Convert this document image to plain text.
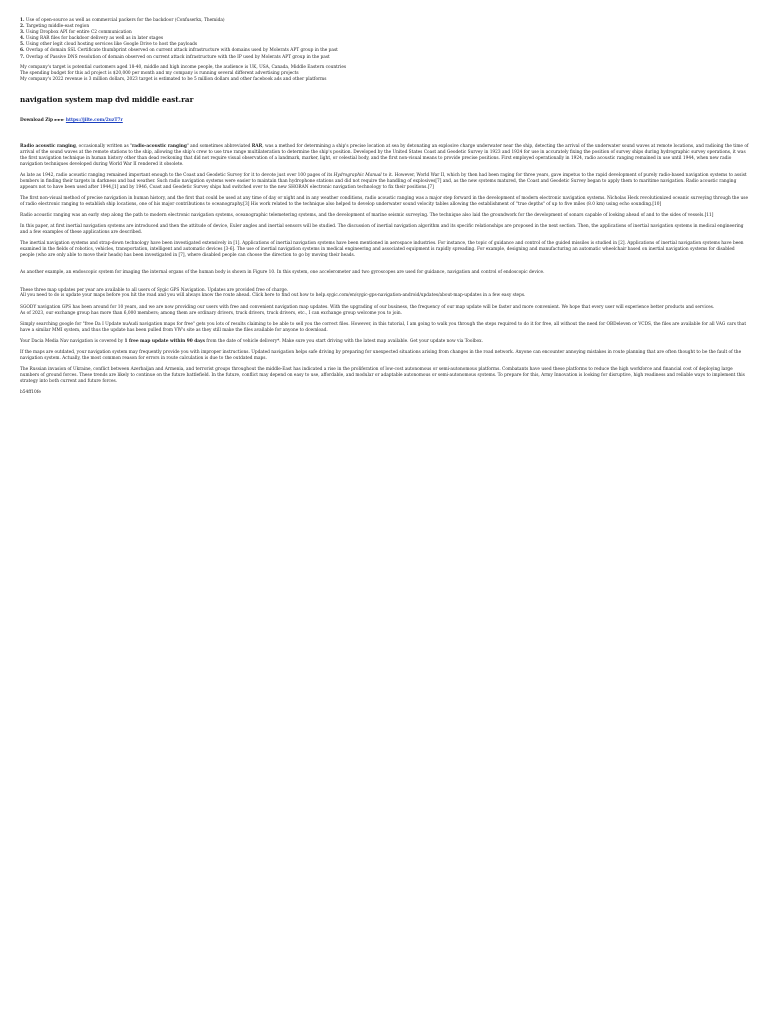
1. Use of open-source as well as commercial packers for the backdoor (Confuserkx, Themida)
2. Targeting middle-east region
3. Using Dropbox API for entire C2 communication
4. Using RAR files for backdoor delivery as well as in later stages
5. Using other legit cloud hosting services like Google Drive to host the payloads
6. Overlap of domain SSL Certificate thumbprint observed on current attack infrastructure with domains used by Molerats APT group in the past
7. Overlap of Passive DNS resolution of domain observed on current attack infrastructure with the IP used by Molerats APT group in the past
My company's target is potential customers aged 18-40, middle and high income people, the audience is UK, USA, Canada, Middle Eastern countries
The spending budget for this ad project is $20,000 per month and my company is running several different advertising projects
My company's 2022 revenue is 3 million dollars, 2023 target is estimated to be 5 million dollars and other facebook ads and other platforms
navigation system map dvd middle east.rar
Download Zip ►►► https://jilte.com/2uzT7r

Radio acoustic ranging, occasionally written as "radio-acoustic ranging" and sometimes abbreviated RAR, was a method for determining a ship's precise location at sea by detonating an explosive charge underwater near the ship, detecting the arrival of the underwater sound waves at remote locations, and radioing the time of arrival of the sound waves at the remote stations to the ship, allowing the ship's crew to use true range multilateration to determine the ship's position. Developed by the United States Coast and Geodetic Survey in 1923 and 1924 for use in accurately fixing the position of survey ships during hydrographic survey operations, it was the first navigation technique in human history other than dead reckoning that did not require visual observation of a landmark, marker, light, or celestial body, and the first non-visual means to provide precise positions. First employed operationally in 1924, radio acoustic ranging remained in use until 1944, when new radio navigation techniques developed during World War II rendered it obsolete.

As late as 1942, radio acoustic ranging remained important enough to the Coast and Geodetic Survey for it to devote just over 100 pages of its Hydrographic Manual to it. However, World War II, which by then had been raging for three years, gave impetus to the rapid development of purely radio-based navigation systems to assist bombers in finding their targets in darkness and bad weather. Such radio navigation systems were easier to maintain than hydrophone stations and did not require the handling of explosives[7] and, as the new systems matured, the Coast and Geodetic Survey began to apply them to maritime navigation. Radio acoustic ranging appears not to have been used after 1944,[1] and by 1946, Coast and Geodetic Survey ships had switched over to the new SHORAN electronic navigation technology to fix their positions.[7]

The first non-visual method of precise navigation in human history, and the first that could be used at any time of day or night and in any weather conditions, radio acoustic ranging was a major step forward in the development of modern electronic navigation systems. Nicholas Heck revolutionized oceanic surveying through the use of radio electronic ranging to establish ship locations, one of his major contributions to oceanography.[3] His work related to the technique also helped to develop underwater sound velocity tables allowing the establishment of "true depths" of up to five miles (8.0 km) using echo sounding.[10]

Radio acoustic ranging was an early step along the path to modern electronic navigation systems, oceanographic telemetering systems, and the development of marine seismic surveying. The technique also laid the groundwork for the development of sonars capable of looking ahead of and to the sides of vessels.[11]

In this paper, at first inertial navigation systems are introduced and then the attitude of device, Euler angles and inertial sensors will be studied. The discussion of inertial navigation algorithm and its specific relationships are proposed in the next section. Then, the applications of inertial navigation systems in medical engineering and a few examples of these applications are described.

The inertial navigation systems and strap-down technology have been investigated extensively in [1]. Applications of inertial navigation systems have been mentioned in aerospace industries. For instance, the topic of guidance and control of the guided missiles is studied in [2]. Applications of inertial navigation systems have been examined in the fields of robotics, vehicles, transportation, intelligent and automatic devices [3-6]. The use of inertial navigation systems in medical engineering and associated equipment is rapidly spreading. For example, designing and manufacturing an automatic wheelchair based on inertial navigation systems for disabled people (who are only able to move their heads) has been investigated in [7], where disabled people can choose the direction to go by moving their heads.

As another example, an endoscopic system for imaging the internal organs of the human body is shown in Figure 10. In this system, one accelerometer and two gyroscopes are used for guidance, navigation and control of endoscopic device.

These three map updates per year are available to all users of Sygic GPS Navigation. Updates are provided free of charge.

All you need to do is update your maps before you hit the road and you will always know the route ahead. Click here to find out how to help.sygic.com/en/sygic-gps-navigation-android/updates/about-map-updates in a few easy steps.

SGODY navigation GPS has been around for 10 years, and we are now providing our users with free and convenient navigation map updates. With the upgrading of our business, the frequency of our map update will be faster and more convenient. We hope that every user will experience better products and services.

As of 2023, our exchange group has more than 6,000 members; among them are ordinary drivers, truck drivers, truck drivers, etc., I can exchange group welcome you to join.

Simply searching google for "free Da I Update nuAudi navigation maps for free" gets you lots of results claiming to be able to sell you the correct files. However, in this tutorial, I am going to walk you through the steps required to do it for free, all without the need for OBDeleven or VCDS, the files are available for all VAG cars that have a similar MMI system, and thus the update has been pulled from VW's site as they still make the files available for anyone to download.

Your Dacia Media Nav navigation is covered by 1 free map update within 90 days from the date of vehicle delivery*. Make sure you start driving with the latest map available. Get your update now via Toolbox.

If the maps are outdated, your navigation system may frequently provide you with improper instructions. Updated navigation helps safe driving by preparing for unexpected situations arising from changes in the road network. Anyone can encounter annoying mistakes in route planning that are often thought to be the fault of the navigation system. Actually, the most common reason for errors in route calculation is due to the outdated maps.

The Russian invasion of Ukraine, conflict between Azerbaijan and Armenia, and terrorist groups throughout the middle-East has indicated a rise in the proliferation of low-cost autonomous or semi-autonomous platforms. Combatants have used these platforms to reduce the high workforce and financial cost of deploying large numbers of ground forces. These trends are likely to continue on the future battlefield. In the future, conflict may depend on easy to use, affordable, and modular or adaptable autonomous or semi-autonomous systems. To prepare for this, Army Innovation is looking for disruptive, high readiness and reliable ways to implement this strategy into both current and future forces.

b54ff10fe
